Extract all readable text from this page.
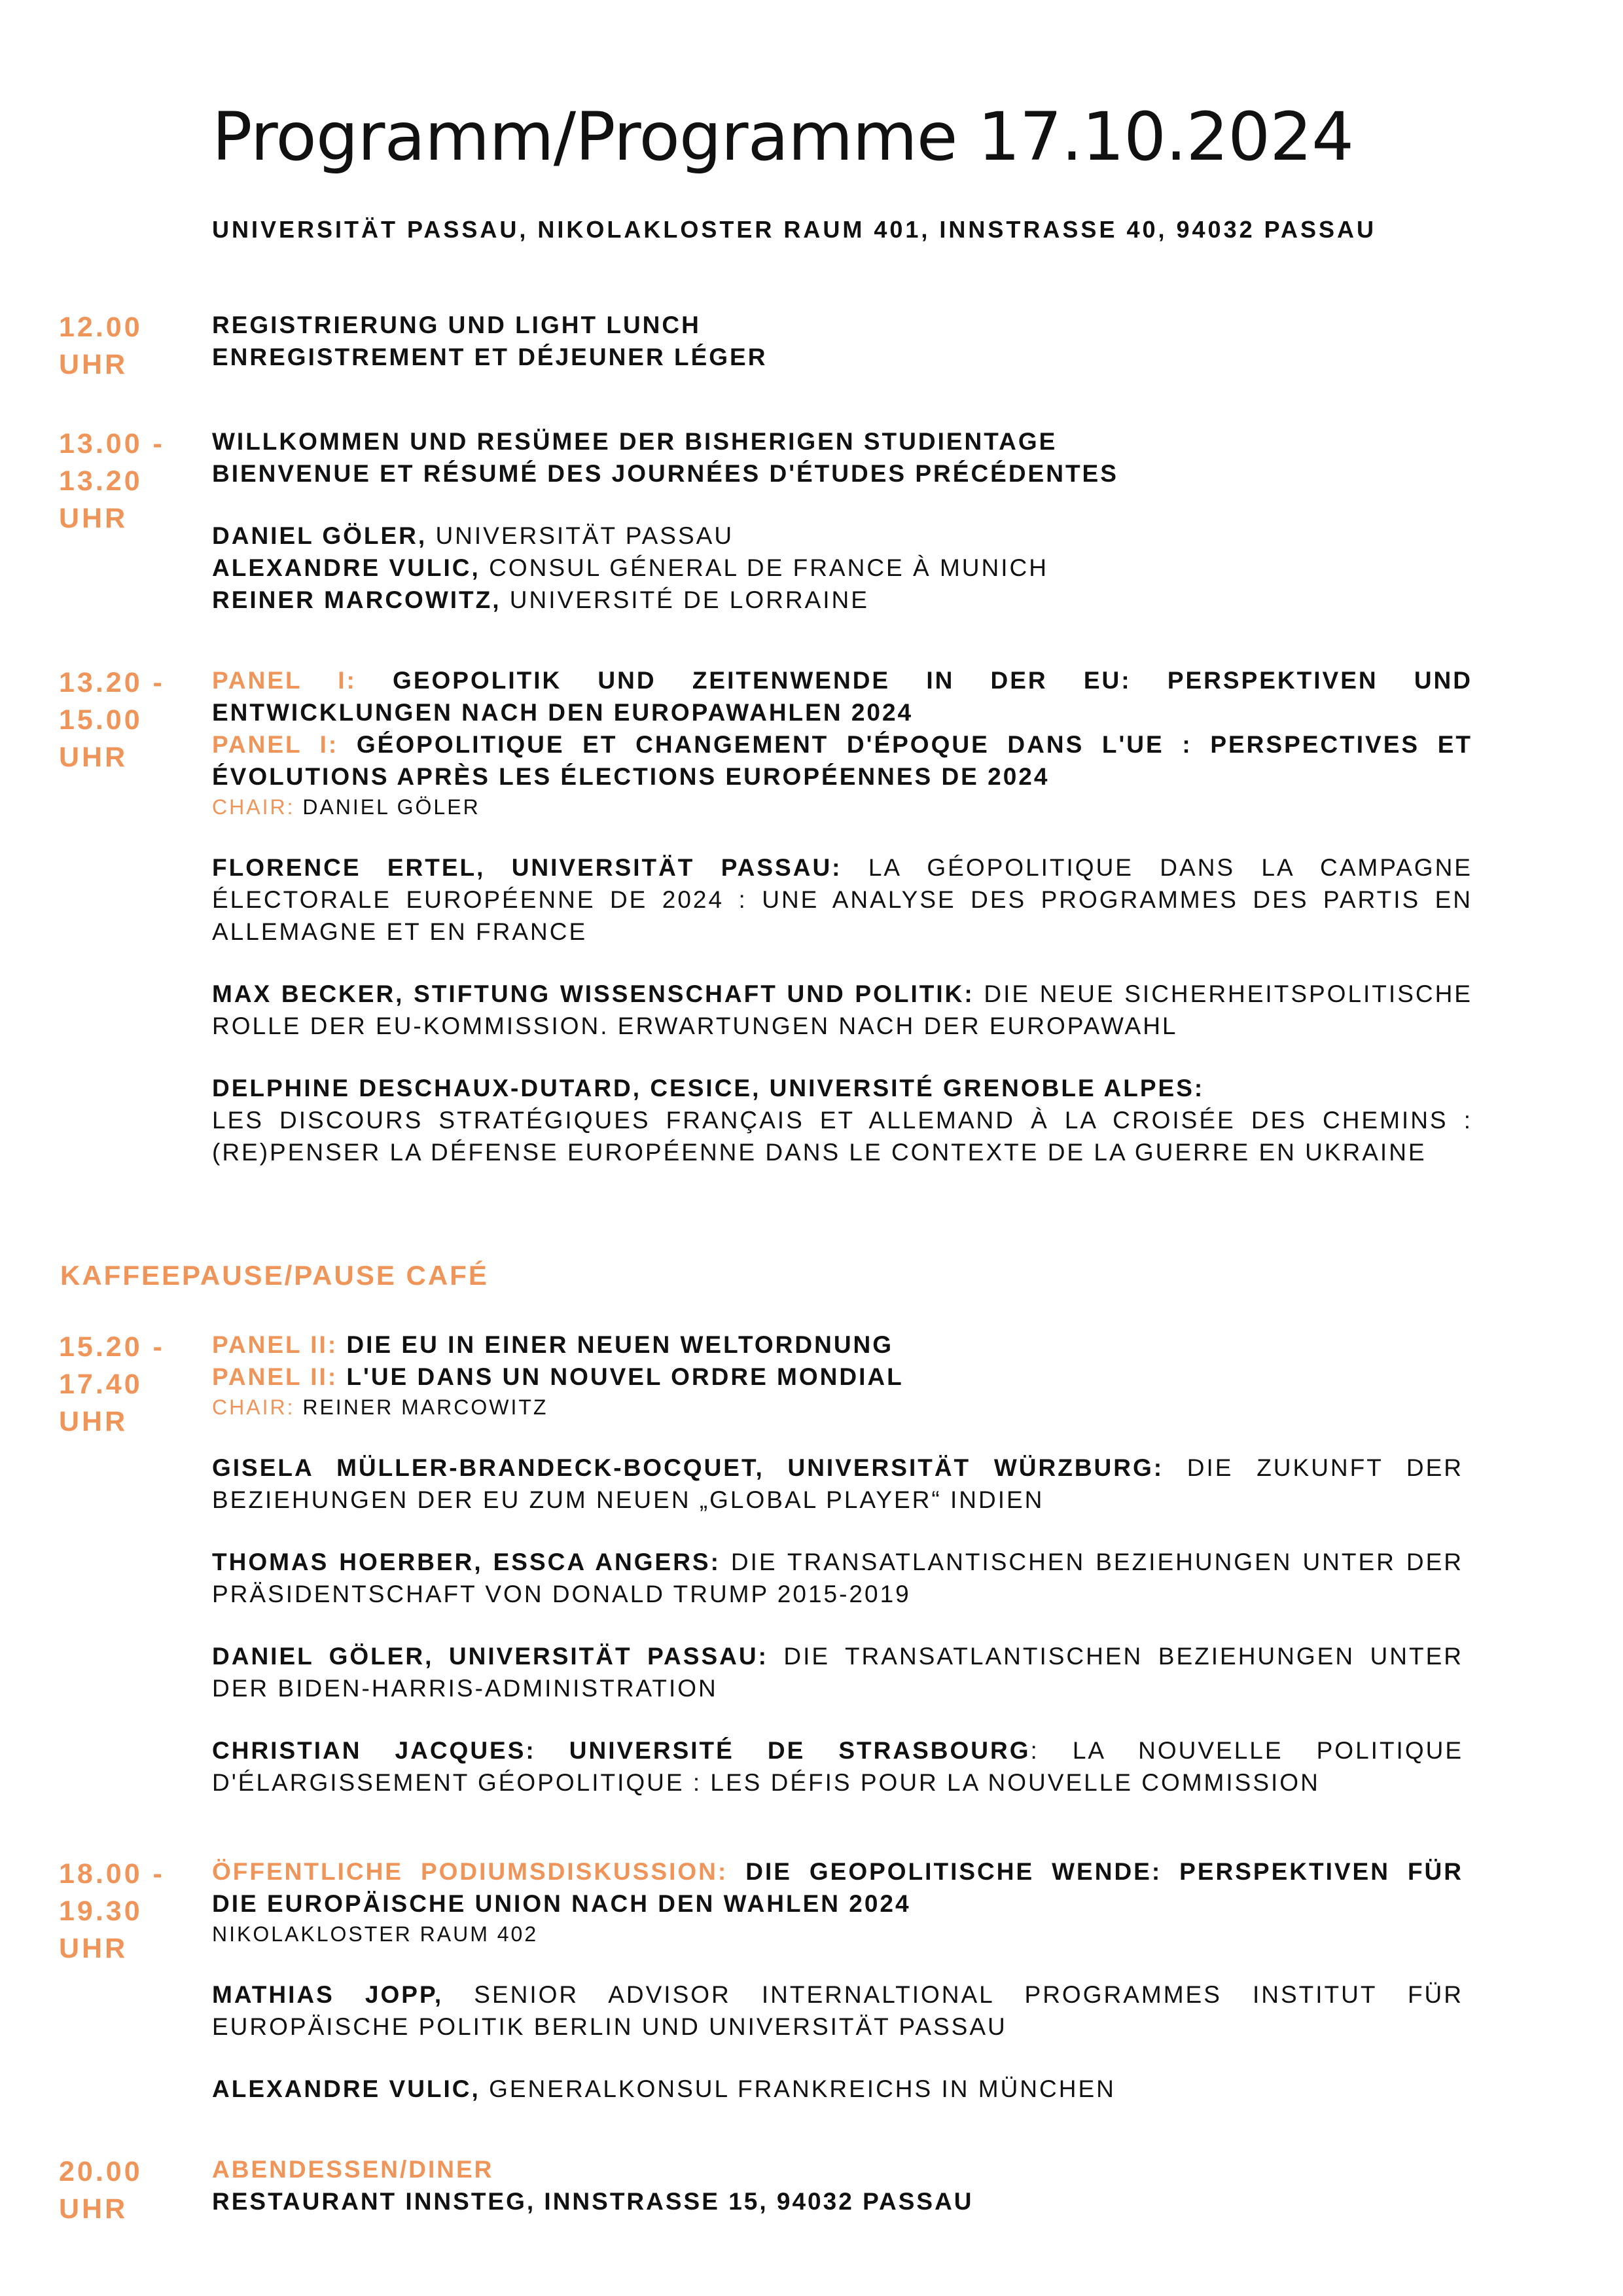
Programm/Programme 17.10.2024

UNIVERSITÄT PASSAU, NIKOLAKLOSTER RAUM 401, INNSTRASSE 40, 94032 PASSAU

12.00
UHR

REGISTRIERUNG UND LIGHT LUNCH

ENREGISTREMENT ET DÉJEUNER LÉGER

13.00 -
13.20
UHR

WILLKOMMEN UND RESÜMEE DER BISHERIGEN STUDIENTAGE

BIENVENUE ET RÉSUMÉ DES JOURNÉES D'ÉTUDES PRÉCÉDENTES

DANIEL GÖLER, UNIVERSITÄT PASSAU

ALEXANDRE VULIC, CONSUL GÉNERAL DE FRANCE À MUNICH

REINER MARCOWITZ, UNIVERSITÉ DE LORRAINE

13.20 -
15.00
UHR

PANEL I: GEOPOLITIK UND ZEITENWENDE IN DER EU: PERSPEKTIVEN UND ENTWICKLUNGEN NACH DEN EUROPAWAHLEN 2024

PANEL I: GÉOPOLITIQUE ET CHANGEMENT D'ÉPOQUE DANS L'UE : PERSPECTIVES ET ÉVOLUTIONS APRÈS LES ÉLECTIONS EUROPÉENNES DE 2024

CHAIR: DANIEL GÖLER

FLORENCE ERTEL, UNIVERSITÄT PASSAU: LA GÉOPOLITIQUE DANS LA CAMPAGNE ÉLECTORALE EUROPÉENNE DE 2024 : UNE ANALYSE DES PROGRAMMES DES PARTIS EN ALLEMAGNE ET EN FRANCE

MAX BECKER, STIFTUNG WISSENSCHAFT UND POLITIK: DIE NEUE SICHERHEITSPOLITISCHE ROLLE DER EU-KOMMISSION. ERWARTUNGEN NACH DER EUROPAWAHL

DELPHINE DESCHAUX-DUTARD, CESICE, UNIVERSITÉ GRENOBLE ALPES:

LES DISCOURS STRATÉGIQUES FRANÇAIS ET ALLEMAND À LA CROISÉE DES CHEMINS : (RE)PENSER LA DÉFENSE EUROPÉENNE DANS LE CONTEXTE DE LA GUERRE EN UKRAINE

KAFFEEPAUSE/PAUSE CAFÉ

15.20 -
17.40
UHR

PANEL II: DIE EU IN EINER NEUEN WELTORDNUNG

PANEL II: L'UE DANS UN NOUVEL ORDRE MONDIAL

CHAIR: REINER MARCOWITZ

GISELA MÜLLER-BRANDECK-BOCQUET, UNIVERSITÄT WÜRZBURG: DIE ZUKUNFT DER BEZIEHUNGEN DER EU ZUM NEUEN „GLOBAL PLAYER“ INDIEN

THOMAS HOERBER, ESSCA ANGERS: DIE TRANSATLANTISCHEN BEZIEHUNGEN UNTER DER PRÄSIDENTSCHAFT VON DONALD TRUMP 2015-2019

DANIEL GÖLER, UNIVERSITÄT PASSAU: DIE TRANSATLANTISCHEN BEZIEHUNGEN UNTER DER BIDEN-HARRIS-ADMINISTRATION

CHRISTIAN JACQUES: UNIVERSITÉ DE STRASBOURG: LA NOUVELLE POLITIQUE D'ÉLARGISSEMENT GÉOPOLITIQUE : LES DÉFIS POUR LA NOUVELLE COMMISSION

18.00 -
19.30
UHR

ÖFFENTLICHE PODIUMSDISKUSSION: DIE GEOPOLITISCHE WENDE: PERSPEKTIVEN FÜR DIE EUROPÄISCHE UNION NACH DEN WAHLEN 2024

NIKOLAKLOSTER RAUM 402

MATHIAS JOPP, SENIOR ADVISOR INTERNALTIONAL PROGRAMMES INSTITUT FÜR EUROPÄISCHE POLITIK BERLIN UND UNIVERSITÄT PASSAU

ALEXANDRE VULIC, GENERALKONSUL FRANKREICHS IN MÜNCHEN

20.00
UHR

ABENDESSEN/DINER

RESTAURANT INNSTEG, INNSTRASSE 15, 94032 PASSAU
